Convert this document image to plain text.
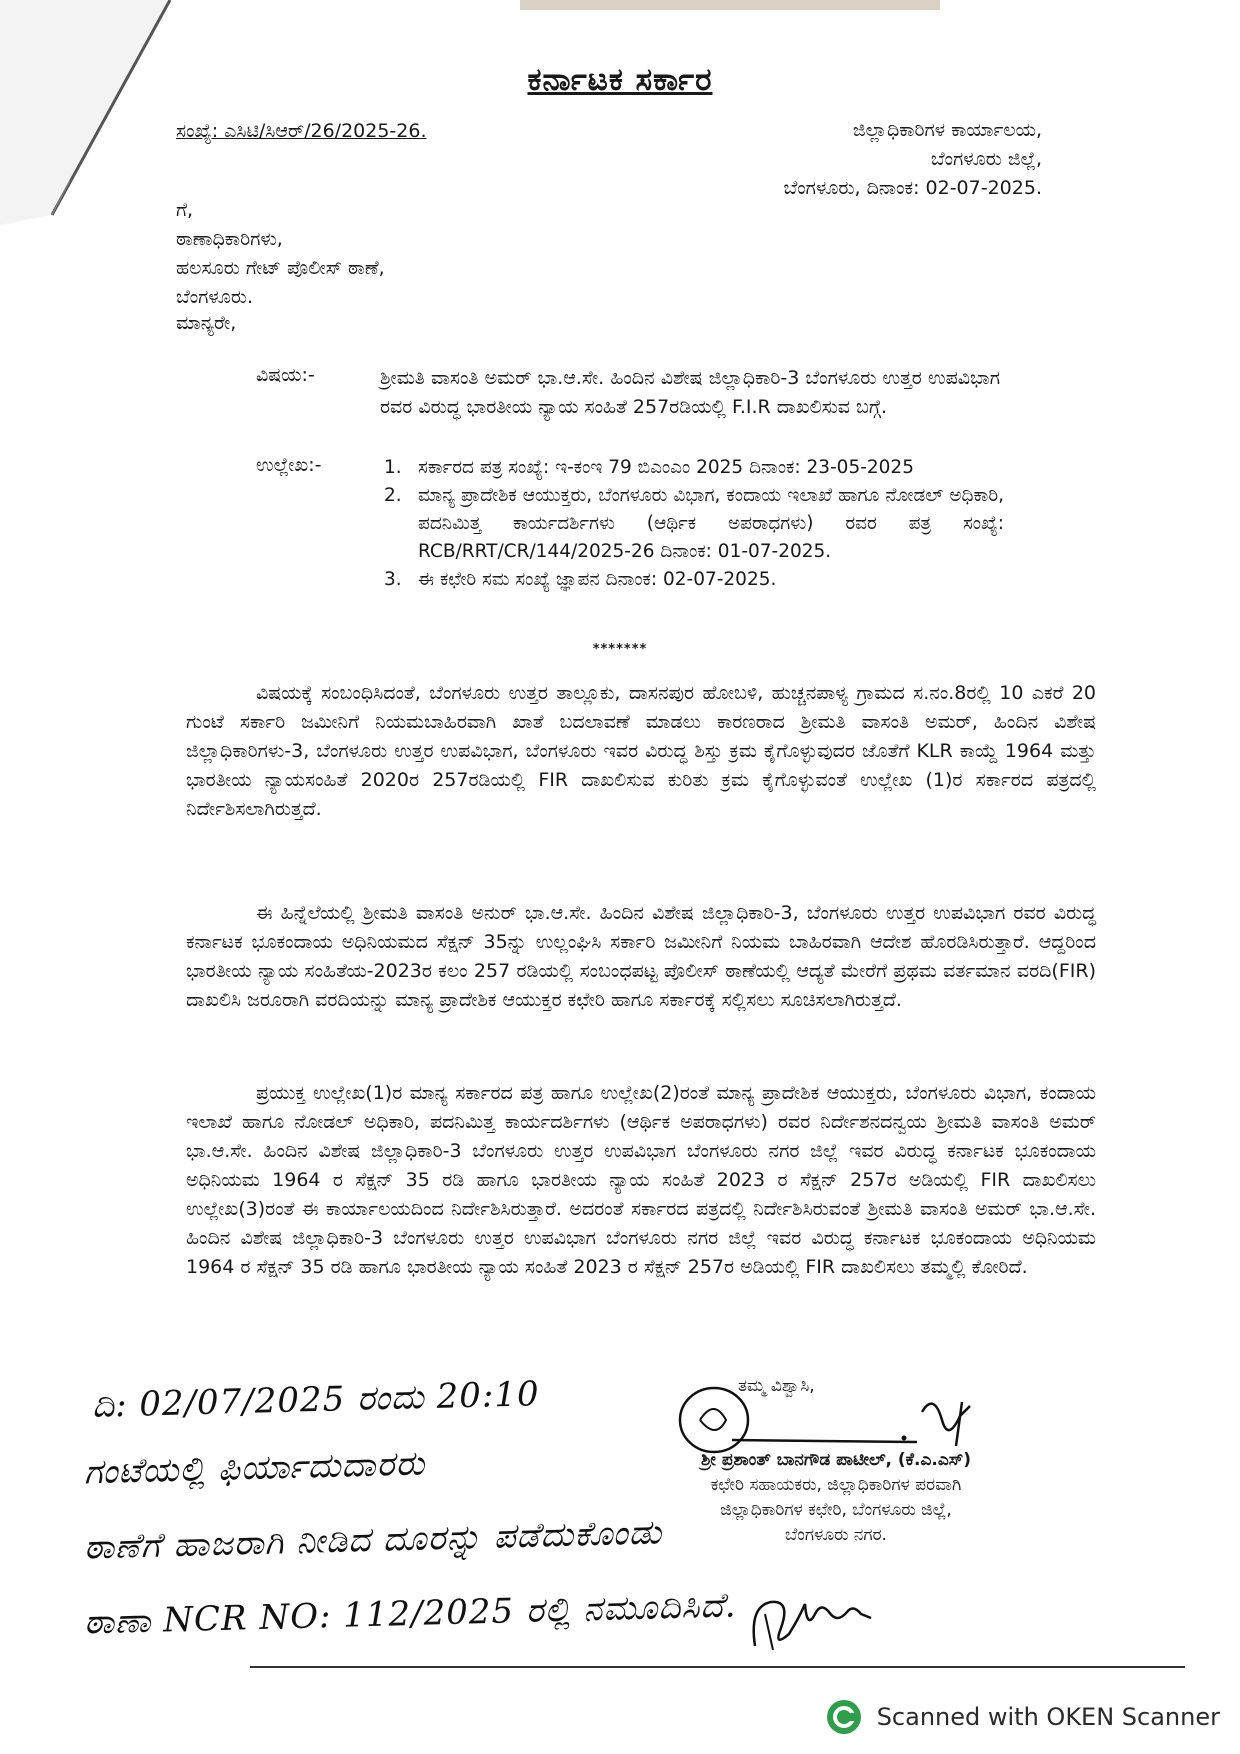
ಕರ್ನಾಟಕ ಸರ್ಕಾರ
ಸಂಖ್ಯೆ: ಎಸಿಟಿ/ಸಿಆರ್/26/2025-26.	ಜಿಲ್ಲಾಧಿಕಾರಿಗಳ ಕಾರ್ಯಾಲಯ,
ಬೆಂಗಳೂರು ಜಿಲ್ಲೆ,
ಬೆಂಗಳೂರು, ದಿನಾಂಕ: 02-07-2025.
ಗೆ,
ಠಾಣಾಧಿಕಾರಿಗಳು,
ಹಲಸೂರು ಗೇಟ್ ಪೊಲೀಸ್ ಠಾಣೆ,
ಬೆಂಗಳೂರು.
ಮಾನ್ಯರೇ,
ವಿಷಯ:-	ಶ್ರೀಮತಿ ವಾಸಂತಿ ಅಮರ್ ಭಾ.ಆ.ಸೇ. ಹಿಂದಿನ ವಿಶೇಷ ಜಿಲ್ಲಾಧಿಕಾರಿ-3 ಬೆಂಗಳೂರು ಉತ್ತರ ಉಪವಿಭಾಗ ರವರ ವಿರುದ್ಧ ಭಾರತೀಯ ನ್ಯಾಯ ಸಂಹಿತೆ 257ರಡಿಯಲ್ಲಿ F.I.R ದಾಖಲಿಸುವ ಬಗ್ಗೆ.
ಉಲ್ಲೇಖ:-	1. ಸರ್ಕಾರದ ಪತ್ರ ಸಂಖ್ಯೆ: ಇ-ಕಂಇ 79 ಬಿಎಂಎಂ 2025 ದಿನಾಂಕ: 23-05-2025
2. ಮಾನ್ಯ ಪ್ರಾದೇಶಿಕ ಆಯುಕ್ತರು, ಬೆಂಗಳೂರು ವಿಭಾಗ, ಕಂದಾಯ ಇಲಾಖೆ ಹಾಗೂ ನೋಡಲ್ ಅಧಿಕಾರಿ, ಪದನಿಮಿತ್ತ ಕಾರ್ಯದರ್ಶಿಗಳು (ಆರ್ಥಿಕ ಅಪರಾಧಗಳು) ರವರ ಪತ್ರ ಸಂಖ್ಯೆ: RCB/RRT/CR/144/2025-26 ದಿನಾಂಕ: 01-07-2025.
3. ಈ ಕಛೇರಿ ಸಮ ಸಂಖ್ಯೆ ಜ್ಞಾಪನ ದಿನಾಂಕ: 02-07-2025.
*******

ವಿಷಯಕ್ಕೆ ಸಂಬಂಧಿಸಿದಂತೆ, ಬೆಂಗಳೂರು ಉತ್ತರ ತಾಲ್ಲೂಕು, ದಾಸನಪುರ ಹೋಬಳಿ, ಹುಚ್ಚನಪಾಳ್ಯ ಗ್ರಾಮದ ಸ.ನಂ.8ರಲ್ಲಿ 10 ಎಕರೆ 20 ಗುಂಟೆ ಸರ್ಕಾರಿ ಜಮೀನಿಗೆ ನಿಯಮಬಾಹಿರವಾಗಿ ಖಾತೆ ಬದಲಾವಣೆ ಮಾಡಲು ಕಾರಣರಾದ ಶ್ರೀಮತಿ ವಾಸಂತಿ ಅಮರ್, ಹಿಂದಿನ ವಿಶೇಷ ಜಿಲ್ಲಾಧಿಕಾರಿಗಳು-3, ಬೆಂಗಳೂರು ಉತ್ತರ ಉಪವಿಭಾಗ, ಬೆಂಗಳೂರು ಇವರ ವಿರುದ್ಧ ಶಿಸ್ತು ಕ್ರಮ ಕೈಗೊಳ್ಳುವುದರ ಜೊತೆಗೆ KLR ಕಾಯ್ದೆ 1964 ಮತ್ತು ಭಾರತೀಯ ನ್ಯಾಯಸಂಹಿತೆ 2020ರ 257ರಡಿಯಲ್ಲಿ FIR ದಾಖಲಿಸುವ ಕುರಿತು ಕ್ರಮ ಕೈಗೊಳ್ಳುವಂತೆ ಉಲ್ಲೇಖ (1)ರ ಸರ್ಕಾರದ ಪತ್ರದಲ್ಲಿ ನಿರ್ದೇಶಿಸಲಾಗಿರುತ್ತದೆ.

ಈ ಹಿನ್ನೆಲೆಯಲ್ಲಿ ಶ್ರೀಮತಿ ವಾಸಂತಿ ಅನುರ್ ಭಾ.ಆ.ಸೇ. ಹಿಂದಿನ ವಿಶೇಷ ಜಿಲ್ಲಾಧಿಕಾರಿ-3, ಬೆಂಗಳೂರು ಉತ್ತರ ಉಪವಿಭಾಗ ರವರ ವಿರುದ್ಧ ಕರ್ನಾಟಕ ಭೂಕಂದಾಯ ಅಧಿನಿಯಮದ ಸೆಕ್ಷನ್ 35ನ್ನು ಉಲ್ಲಂಘಿಸಿ ಸರ್ಕಾರಿ ಜಮೀನಿಗೆ ನಿಯಮ ಬಾಹಿರವಾಗಿ ಆದೇಶ ಹೊರಡಿಸಿರುತ್ತಾರೆ. ಆದ್ದರಿಂದ ಭಾರತೀಯ ನ್ಯಾಯ ಸಂಹಿತೆಯ-2023ರ ಕಲಂ 257 ರಡಿಯಲ್ಲಿ ಸಂಬಂಧಪಟ್ಟ ಪೊಲೀಸ್ ಠಾಣೆಯಲ್ಲಿ ಆದ್ಯತೆ ಮೇರೆಗೆ ಪ್ರಥಮ ವರ್ತಮಾನ ವರದಿ(FIR) ದಾಖಲಿಸಿ ಜರೂರಾಗಿ ವರದಿಯನ್ನು ಮಾನ್ಯ ಪ್ರಾದೇಶಿಕ ಆಯುಕ್ತರ ಕಛೇರಿ ಹಾಗೂ ಸರ್ಕಾರಕ್ಕೆ ಸಲ್ಲಿಸಲು ಸೂಚಿಸಲಾಗಿರುತ್ತದೆ.

ಪ್ರಯುಕ್ತ ಉಲ್ಲೇಖ(1)ರ ಮಾನ್ಯ ಸರ್ಕಾರದ ಪತ್ರ ಹಾಗೂ ಉಲ್ಲೇಖ(2)ರಂತೆ ಮಾನ್ಯ ಪ್ರಾದೇಶಿಕ ಆಯುಕ್ತರು, ಬೆಂಗಳೂರು ವಿಭಾಗ, ಕಂದಾಯ ಇಲಾಖೆ ಹಾಗೂ ನೋಡಲ್ ಅಧಿಕಾರಿ, ಪದನಿಮಿತ್ತ ಕಾರ್ಯದರ್ಶಿಗಳು (ಆರ್ಥಿಕ ಅಪರಾಧಗಳು) ರವರ ನಿರ್ದೇಶನದನ್ವಯ ಶ್ರೀಮತಿ ವಾಸಂತಿ ಅಮರ್ ಭಾ.ಆ.ಸೇ. ಹಿಂದಿನ ವಿಶೇಷ ಜಿಲ್ಲಾಧಿಕಾರಿ-3 ಬೆಂಗಳೂರು ಉತ್ತರ ಉಪವಿಭಾಗ ಬೆಂಗಳೂರು ನಗರ ಜಿಲ್ಲೆ ಇವರ ವಿರುದ್ಧ ಕರ್ನಾಟಕ ಭೂಕಂದಾಯ ಅಧಿನಿಯಮ 1964 ರ ಸೆಕ್ಷನ್ 35 ರಡಿ ಹಾಗೂ ಭಾರತೀಯ ನ್ಯಾಯ ಸಂಹಿತೆ 2023 ರ ಸೆಕ್ಷನ್ 257ರ ಅಡಿಯಲ್ಲಿ FIR ದಾಖಲಿಸಲು ಉಲ್ಲೇಖ(3)ರಂತೆ ಈ ಕಾರ್ಯಾಲಯದಿಂದ ನಿರ್ದೇಶಿಸಿರುತ್ತಾರೆ. ಅದರಂತೆ ಸರ್ಕಾರದ ಪತ್ರದಲ್ಲಿ ನಿರ್ದೇಶಿಸಿರುವಂತೆ ಶ್ರೀಮತಿ ವಾಸಂತಿ ಅಮರ್ ಭಾ.ಆ.ಸೇ. ಹಿಂದಿನ ವಿಶೇಷ ಜಿಲ್ಲಾಧಿಕಾರಿ-3 ಬೆಂಗಳೂರು ಉತ್ತರ ಉಪವಿಭಾಗ ಬೆಂಗಳೂರು ನಗರ ಜಿಲ್ಲೆ ಇವರ ವಿರುದ್ಧ ಕರ್ನಾಟಕ ಭೂಕಂದಾಯ ಅಧಿನಿಯಮ 1964 ರ ಸೆಕ್ಷನ್ 35 ರಡಿ ಹಾಗೂ ಭಾರತೀಯ ನ್ಯಾಯ ಸಂಹಿತೆ 2023 ರ ಸೆಕ್ಷನ್ 257ರ ಅಡಿಯಲ್ಲಿ FIR ದಾಖಲಿಸಲು ತಮ್ಮಲ್ಲಿ ಕೋರಿದೆ.

ತಮ್ಮ ವಿಶ್ವಾಸಿ,
ಶ್ರೀ ಪ್ರಶಾಂತ್ ಬಾನಗೌಡ ಪಾಟೀಲ್, (ಕೆ.ಎ.ಎಸ್)
ಕಛೇರಿ ಸಹಾಯಕರು, ಜಿಲ್ಲಾಧಿಕಾರಿಗಳ ಪರವಾಗಿ
ಜಿಲ್ಲಾಧಿಕಾರಿಗಳ ಕಛೇರಿ, ಬೆಂಗಳೂರು ಜಿಲ್ಲೆ,
ಬೆಂಗಳೂರು ನಗರ.
ದಿ: 02/07/2025 ರಂದು 20:10
ಗಂಟೆಯಲ್ಲಿ ಫಿರ್ಯಾದುದಾರರು
ಠಾಣೆಗೆ ಹಾಜರಾಗಿ ನೀಡಿದ ದೂರನ್ನು ಪಡೆದುಕೊಂಡು
ಠಾಣಾ NCR NO: 112/2025 ರಲ್ಲಿ ನಮೂದಿಸಿದೆ.
Scanned with OKEN Scanner
